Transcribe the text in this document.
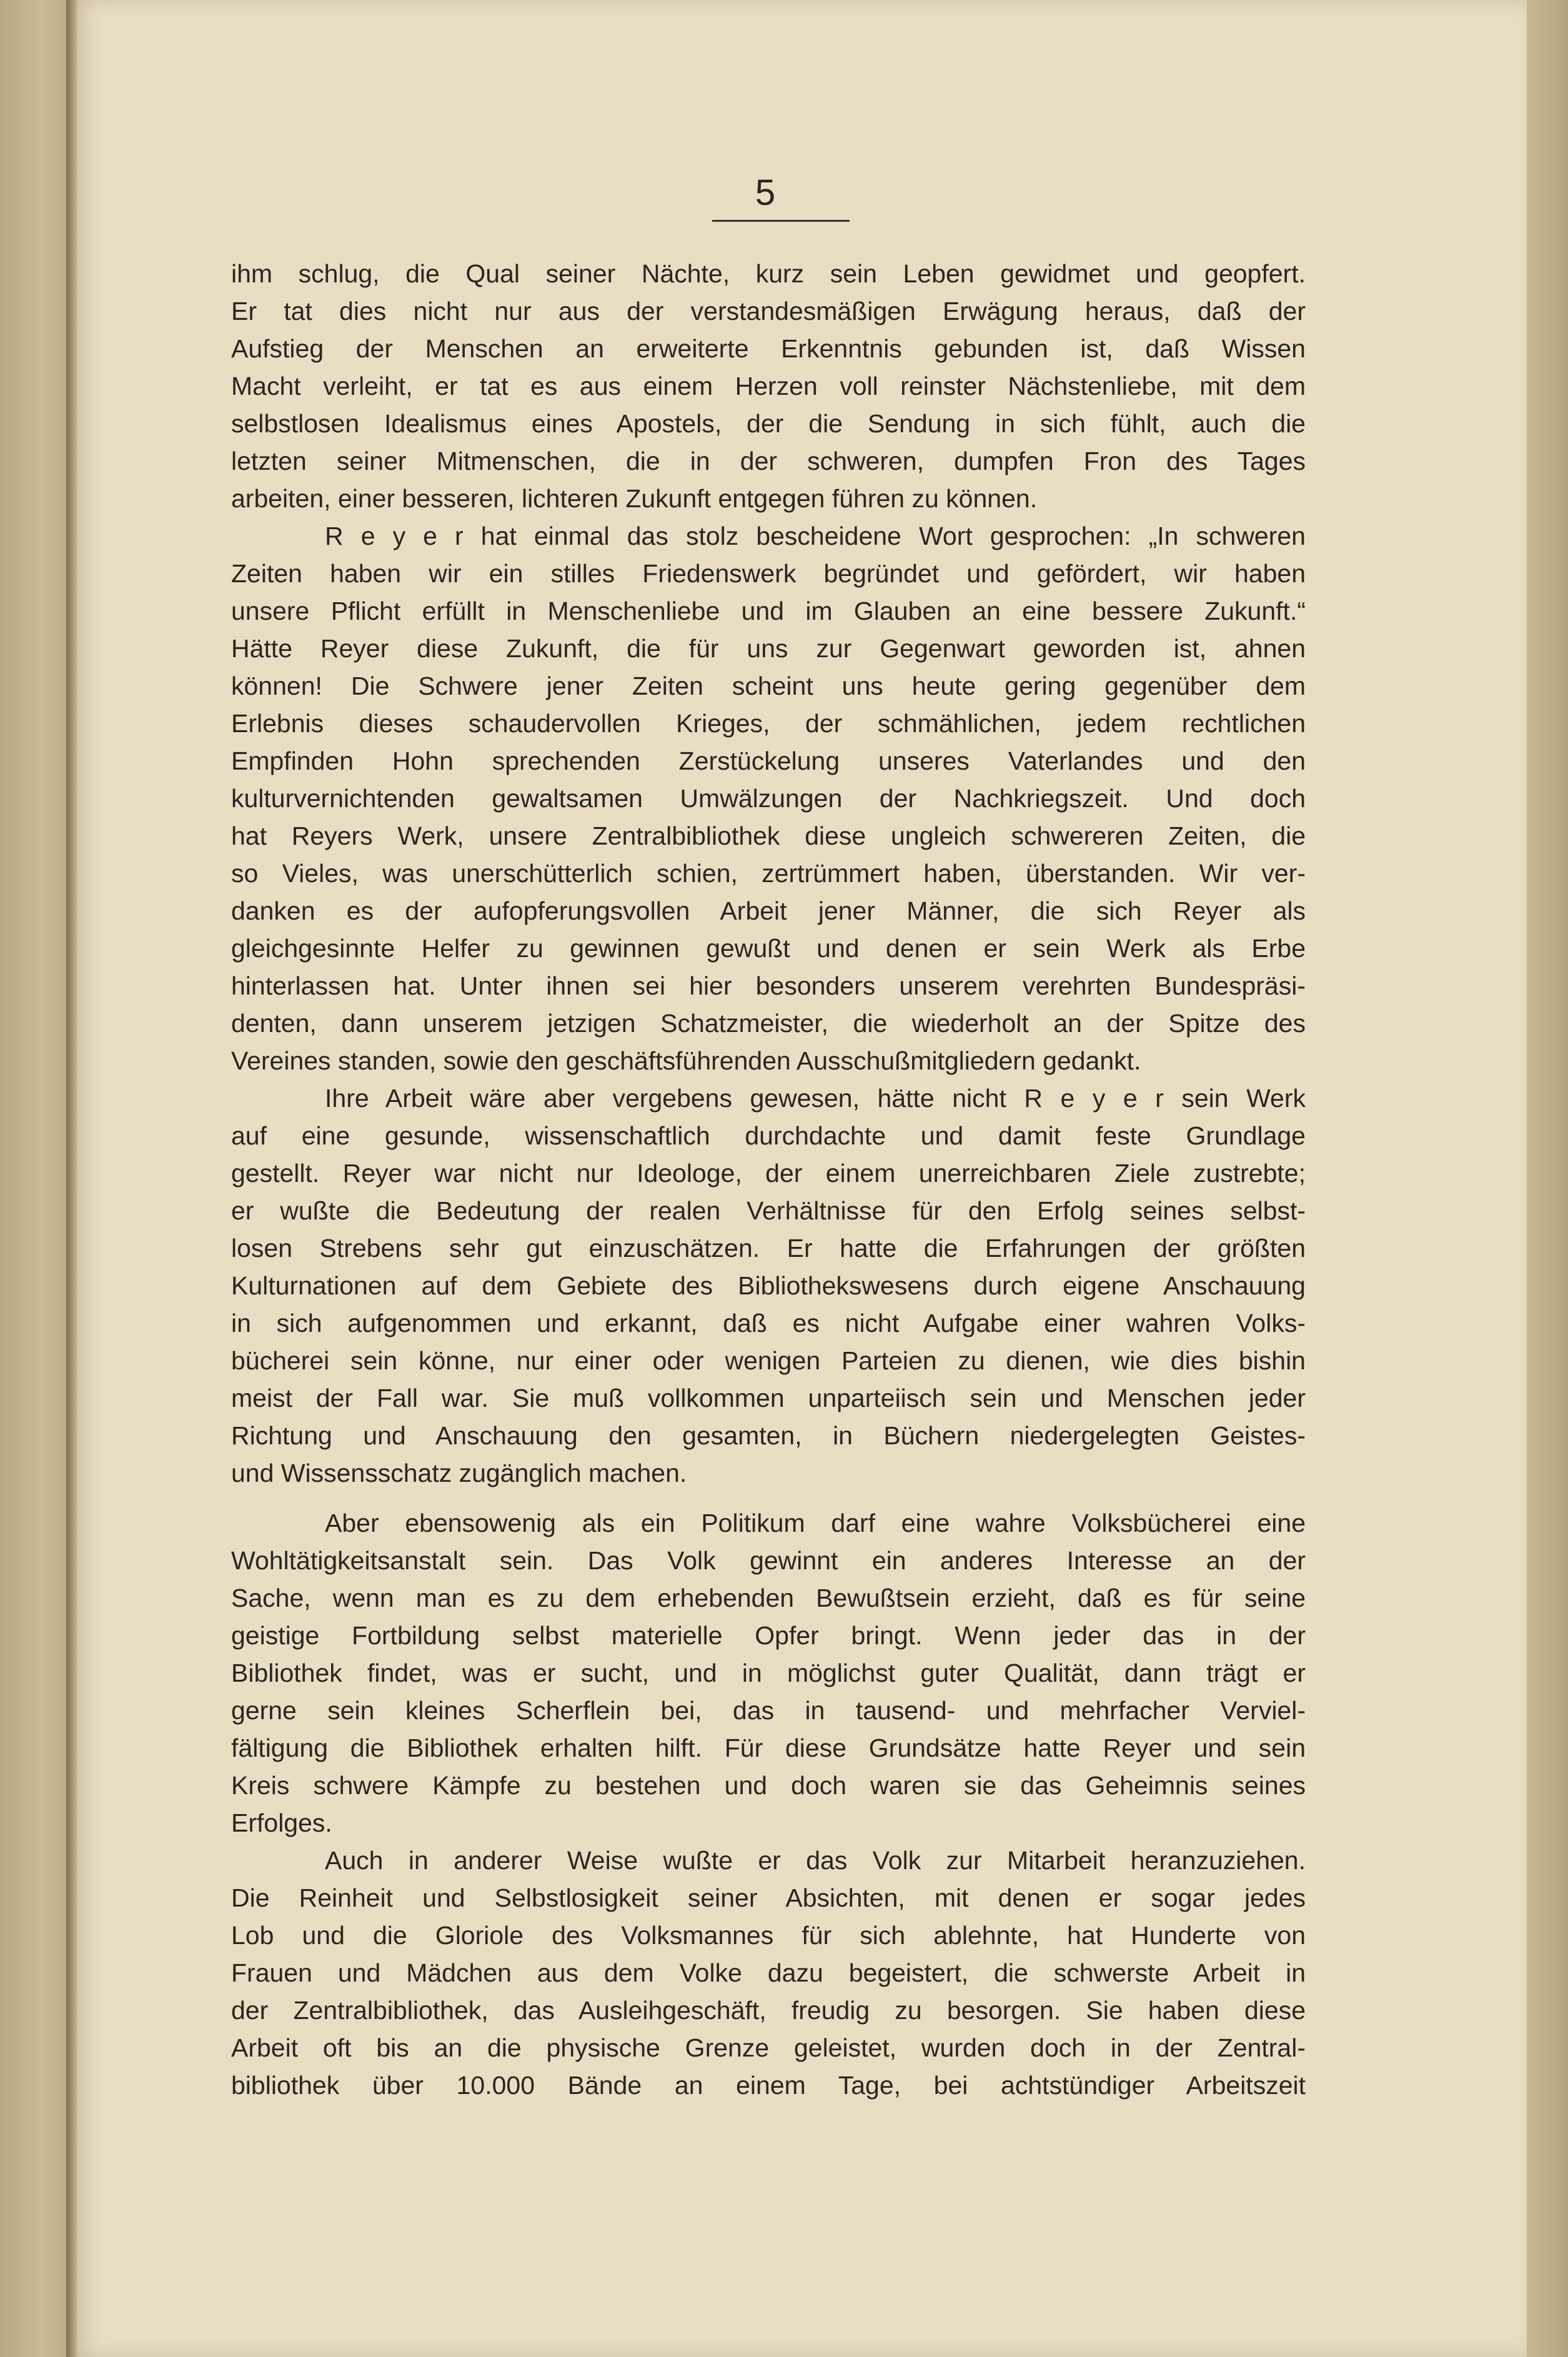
5
ihm schlug, die Qual seiner Nächte, kurz sein Leben gewidmet und geopfert.
Er tat dies nicht nur aus der verstandesmäßigen Erwägung heraus, daß der
Aufstieg der Menschen an erweiterte Erkenntnis gebunden ist, daß Wissen
Macht verleiht, er tat es aus einem Herzen voll reinster Nächstenliebe, mit dem
selbstlosen Idealismus eines Apostels, der die Sendung in sich fühlt, auch die
letzten seiner Mitmenschen, die in der schweren, dumpfen Fron des Tages
arbeiten, einer besseren, lichteren Zukunft entgegen führen zu können.
R e y e r hat einmal das stolz bescheidene Wort gesprochen: „In schweren
Zeiten haben wir ein stilles Friedenswerk begründet und gefördert, wir haben
unsere Pflicht erfüllt in Menschenliebe und im Glauben an eine bessere Zukunft.“
Hätte Reyer diese Zukunft, die für uns zur Gegenwart geworden ist, ahnen
können! Die Schwere jener Zeiten scheint uns heute gering gegenüber dem
Erlebnis dieses schaudervollen Krieges, der schmählichen, jedem rechtlichen
Empfinden Hohn sprechenden Zerstückelung unseres Vaterlandes und den
kulturvernichtenden gewaltsamen Umwälzungen der Nachkriegszeit. Und doch
hat Reyers Werk, unsere Zentralbibliothek diese ungleich schwereren Zeiten, die
so Vieles, was unerschütterlich schien, zertrümmert haben, überstanden. Wir ver-
danken es der aufopferungsvollen Arbeit jener Männer, die sich Reyer als
gleichgesinnte Helfer zu gewinnen gewußt und denen er sein Werk als Erbe
hinterlassen hat. Unter ihnen sei hier besonders unserem verehrten Bundespräsi-
denten, dann unserem jetzigen Schatzmeister, die wiederholt an der Spitze des
Vereines standen, sowie den geschäftsführenden Ausschußmitgliedern gedankt.
Ihre Arbeit wäre aber vergebens gewesen, hätte nicht R e y e r sein Werk
auf eine gesunde, wissenschaftlich durchdachte und damit feste Grundlage
gestellt. Reyer war nicht nur Ideologe, der einem unerreichbaren Ziele zustrebte;
er wußte die Bedeutung der realen Verhältnisse für den Erfolg seines selbst-
losen Strebens sehr gut einzuschätzen. Er hatte die Erfahrungen der größten
Kulturnationen auf dem Gebiete des Bibliothekswesens durch eigene Anschauung
in sich aufgenommen und erkannt, daß es nicht Aufgabe einer wahren Volks-
bücherei sein könne, nur einer oder wenigen Parteien zu dienen, wie dies bishin
meist der Fall war. Sie muß vollkommen unparteiisch sein und Menschen jeder
Richtung und Anschauung den gesamten, in Büchern niedergelegten Geistes-
und Wissensschatz zugänglich machen.
Aber ebensowenig als ein Politikum darf eine wahre Volksbücherei eine
Wohltätigkeitsanstalt sein. Das Volk gewinnt ein anderes Interesse an der
Sache, wenn man es zu dem erhebenden Bewußtsein erzieht, daß es für seine
geistige Fortbildung selbst materielle Opfer bringt. Wenn jeder das in der
Bibliothek findet, was er sucht, und in möglichst guter Qualität, dann trägt er
gerne sein kleines Scherflein bei, das in tausend- und mehrfacher Verviel-
fältigung die Bibliothek erhalten hilft. Für diese Grundsätze hatte Reyer und sein
Kreis schwere Kämpfe zu bestehen und doch waren sie das Geheimnis seines
Erfolges.
Auch in anderer Weise wußte er das Volk zur Mitarbeit heranzuziehen.
Die Reinheit und Selbstlosigkeit seiner Absichten, mit denen er sogar jedes
Lob und die Gloriole des Volksmannes für sich ablehnte, hat Hunderte von
Frauen und Mädchen aus dem Volke dazu begeistert, die schwerste Arbeit in
der Zentralbibliothek, das Ausleihgeschäft, freudig zu besorgen. Sie haben diese
Arbeit oft bis an die physische Grenze geleistet, wurden doch in der Zentral-
bibliothek über 10.000 Bände an einem Tage, bei achtstündiger Arbeitszeit
